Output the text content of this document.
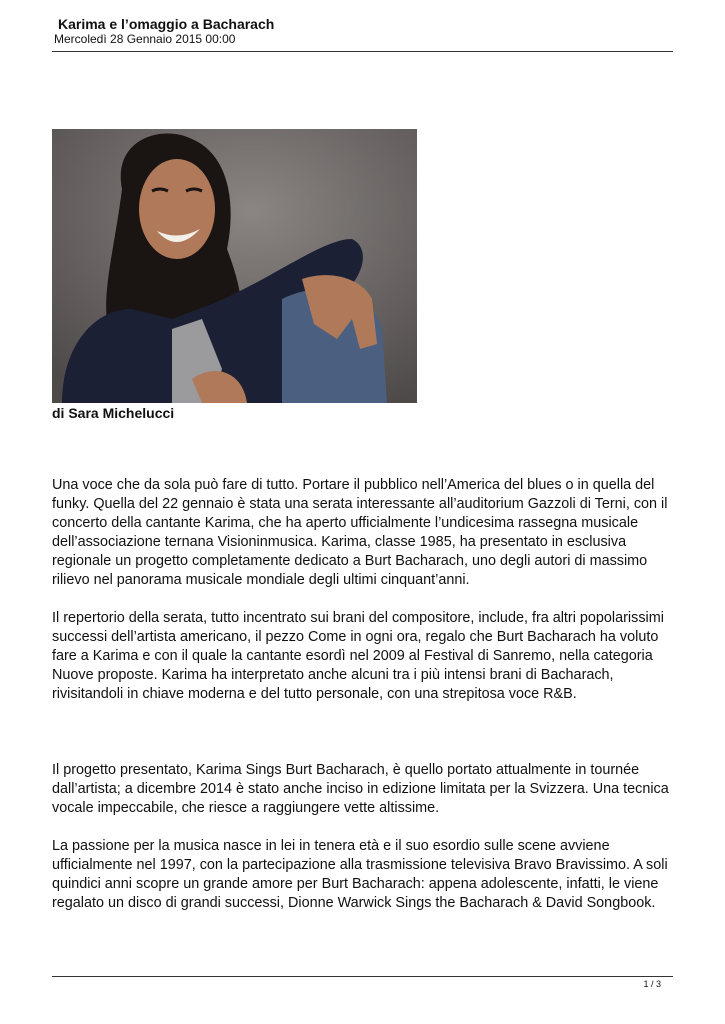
Karima e l’omaggio a Bacharach
Mercoledì 28 Gennaio 2015 00:00
di Sara Michelucci

Una voce che da sola può fare di tutto. Portare il pubblico nell’America del blues o in quella del funky. Quella del 22 gennaio è stata una serata interessante all’auditorium Gazzoli di Terni, con il concerto della cantante Karima, che ha aperto ufficialmente l’undicesima rassegna musicale dell’associazione ternana Visioninmusica. Karima, classe 1985, ha presentato in esclusiva regionale un progetto completamente dedicato a Burt Bacharach, uno degli autori di massimo rilievo nel panorama musicale mondiale degli ultimi cinquant’anni.

Il repertorio della serata, tutto incentrato sui brani del compositore, include, fra altri popolarissimi successi dell’artista americano, il pezzo Come in ogni ora, regalo che Burt Bacharach ha voluto fare a Karima e con il quale la cantante esordì nel 2009 al Festival di Sanremo, nella categoria Nuove proposte. Karima ha interpretato anche alcuni tra i più intensi brani di Bacharach, rivisitandoli in chiave moderna e del tutto personale, con una strepitosa voce R&B.

Il progetto presentato, Karima Sings Burt Bacharach, è quello portato attualmente in tournée dall’artista; a dicembre 2014 è stato anche inciso in edizione limitata per la Svizzera. Una tecnica vocale impeccabile, che riesce a raggiungere vette altissime.

La passione per la musica nasce in lei in tenera età e il suo esordio sulle scene avviene ufficialmente nel 1997, con la partecipazione alla trasmissione televisiva Bravo Bravissimo. A soli quindici anni scopre un grande amore per Burt Bacharach: appena adolescente, infatti, le viene regalato un disco di grandi successi, Dionne Warwick Sings the Bacharach & David Songbook.

1 / 3
